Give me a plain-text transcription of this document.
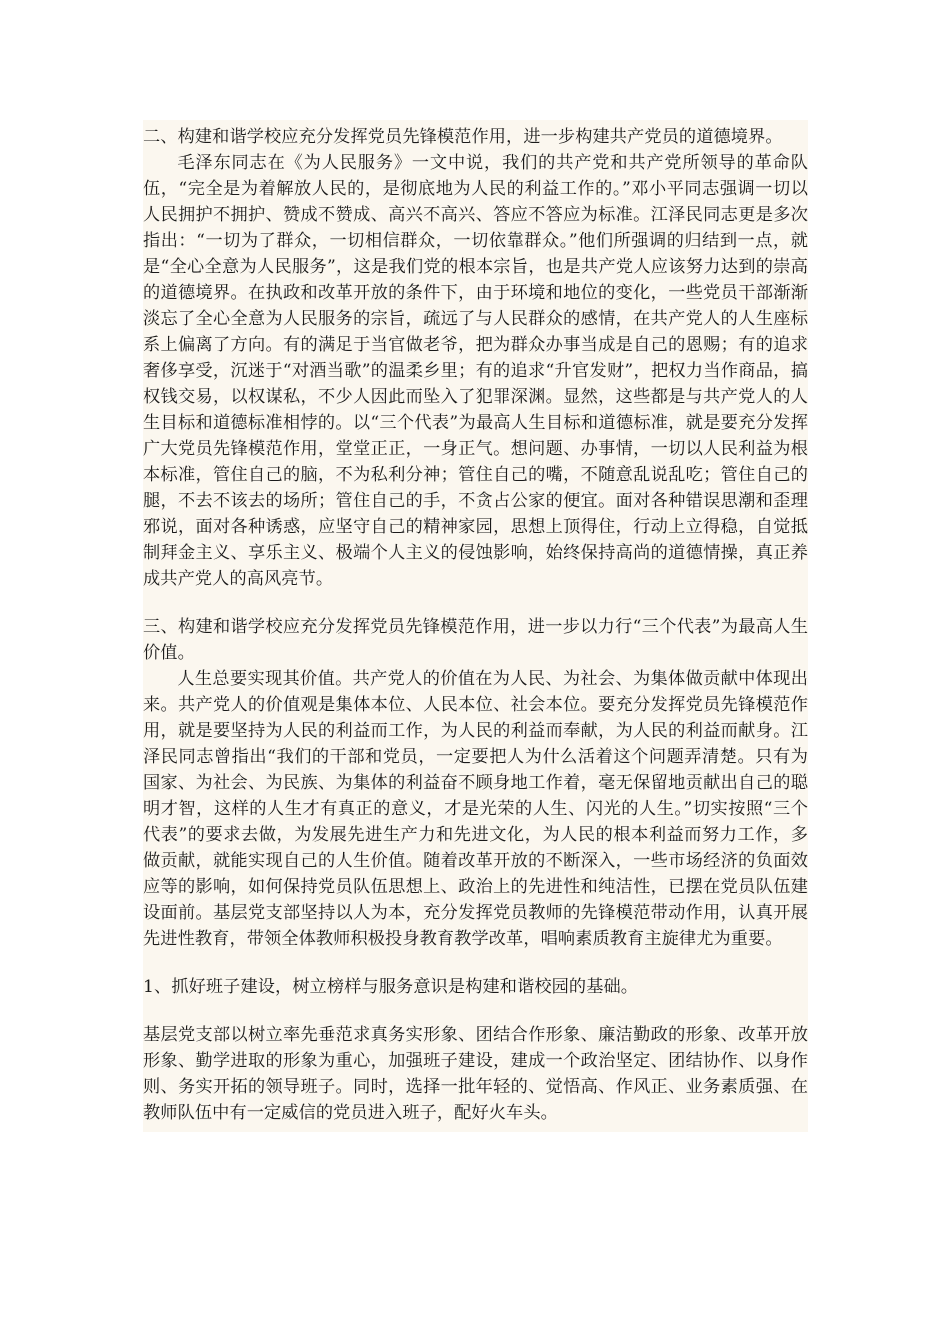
二、构建和谐学校应充分发挥党员先锋模范作用，进一步构建共产党员的道德境界。

毛泽东同志在《为人民服务》一文中说，我们的共产党和共产党所领导的革命队伍，“完全是为着解放人民的，是彻底地为人民的利益工作的。”邓小平同志强调一切以人民拥护不拥护、赞成不赞成、高兴不高兴、答应不答应为标准。江泽民同志更是多次指出：“一切为了群众，一切相信群众，一切依靠群众。”他们所强调的归结到一点，就是“全心全意为人民服务”，这是我们党的根本宗旨，也是共产党人应该努力达到的崇高的道德境界。在执政和改革开放的条件下，由于环境和地位的变化，一些党员干部渐渐淡忘了全心全意为人民服务的宗旨，疏远了与人民群众的感情，在共产党人的人生座标系上偏离了方向。有的满足于当官做老爷，把为群众办事当成是自己的恩赐；有的追求奢侈享受，沉迷于“对酒当歌”的温柔乡里；有的追求“升官发财”，把权力当作商品，搞权钱交易，以权谋私，不少人因此而坠入了犯罪深渊。显然，这些都是与共产党人的人生目标和道德标准相悖的。以“三个代表”为最高人生目标和道德标准，就是要充分发挥广大党员先锋模范作用，堂堂正正，一身正气。想问题、办事情，一切以人民利益为根本标准，管住自己的脑，不为私利分神；管住自己的嘴，不随意乱说乱吃；管住自己的腿，不去不该去的场所；管住自己的手，不贪占公家的便宜。面对各种错误思潮和歪理邪说，面对各种诱惑，应坚守自己的精神家园，思想上顶得住，行动上立得稳，自觉抵制拜金主义、享乐主义、极端个人主义的侵蚀影响，始终保持高尚的道德情操，真正养成共产党人的高风亮节。

三、构建和谐学校应充分发挥党员先锋模范作用，进一步以力行“三个代表”为最高人生价值。

人生总要实现其价值。共产党人的价值在为人民、为社会、为集体做贡献中体现出来。共产党人的价值观是集体本位、人民本位、社会本位。要充分发挥党员先锋模范作用，就是要坚持为人民的利益而工作，为人民的利益而奉献，为人民的利益而献身。江泽民同志曾指出“我们的干部和党员，一定要把人为什么活着这个问题弄清楚。只有为国家、为社会、为民族、为集体的利益奋不顾身地工作着，毫无保留地贡献出自己的聪明才智，这样的人生才有真正的意义，才是光荣的人生、闪光的人生。”切实按照“三个代表”的要求去做，为发展先进生产力和先进文化，为人民的根本利益而努力工作，多做贡献，就能实现自己的人生价值。随着改革开放的不断深入，一些市场经济的负面效应等的影响，如何保持党员队伍思想上、政治上的先进性和纯洁性，已摆在党员队伍建设面前。基层党支部坚持以人为本，充分发挥党员教师的先锋模范带动作用，认真开展先进性教育，带领全体教师积极投身教育教学改革，唱响素质教育主旋律尤为重要。

1、抓好班子建设，树立榜样与服务意识是构建和谐校园的基础。

基层党支部以树立率先垂范求真务实形象、团结合作形象、廉洁勤政的形象、改革开放形象、勤学进取的形象为重心，加强班子建设，建成一个政治坚定、团结协作、以身作则、务实开拓的领导班子。同时，选择一批年轻的、觉悟高、作风正、业务素质强、在教师队伍中有一定威信的党员进入班子，配好火车头。
